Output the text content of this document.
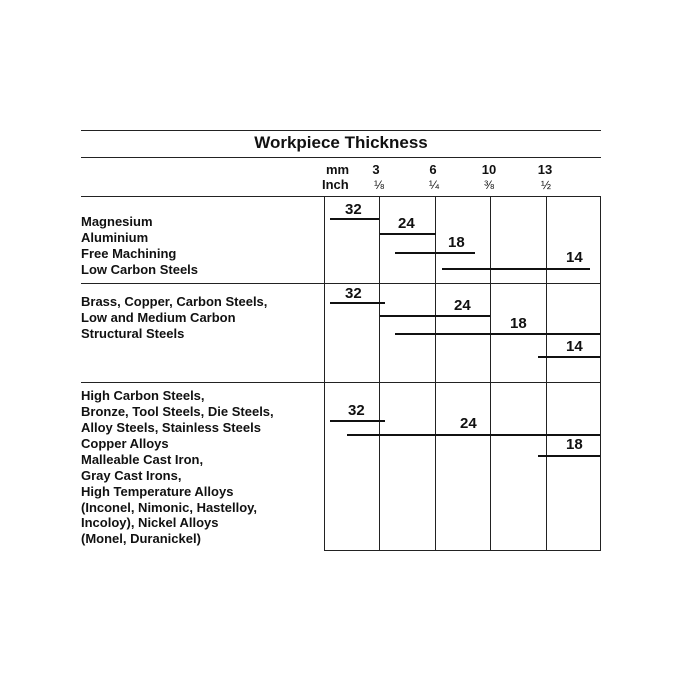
Workpiece Thickness
mm
Inch
3
⅛
6
¼
10
⅜
13
½
Magnesium
Aluminium
Free Machining
Low Carbon Steels
32
24
18
14
Brass, Copper, Carbon Steels,
Low and Medium Carbon
Structural Steels
32
24
18
14
High Carbon Steels,
Bronze, Tool Steels, Die Steels,
Alloy Steels, Stainless Steels
Copper Alloys
Malleable Cast Iron,
Gray Cast Irons,
High Temperature Alloys
(Inconel, Nimonic, Hastelloy,
Incoloy), Nickel Alloys
(Monel, Duranickel)
32
24
18
